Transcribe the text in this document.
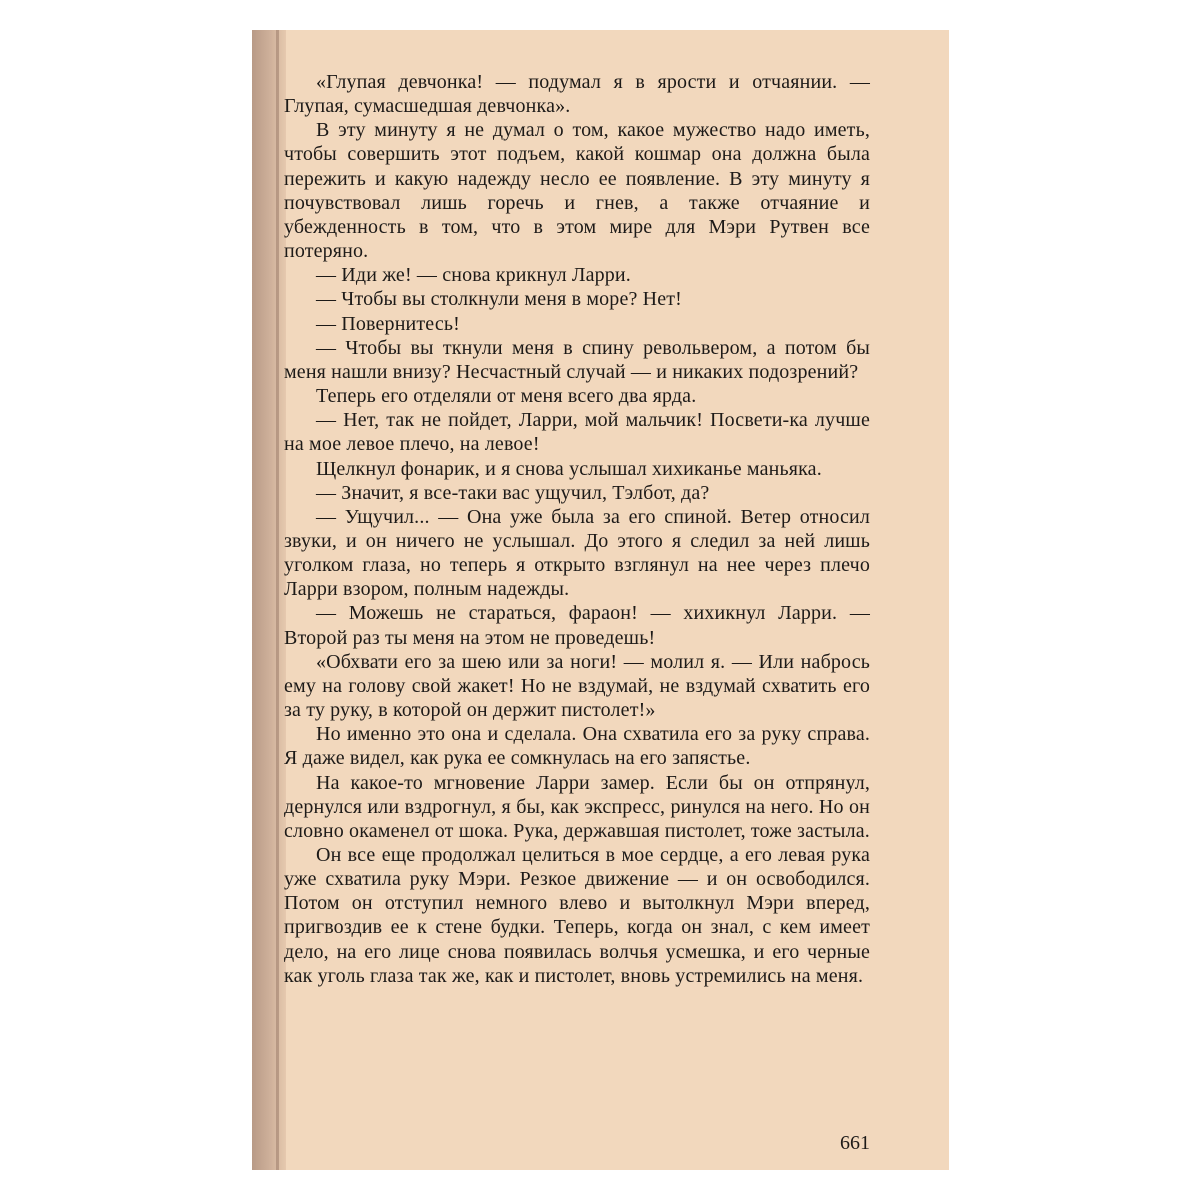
«Глупая девчонка! — подумал я в ярости и отчаянии. — Глупая, сумасшедшая девчонка».

В эту минуту я не думал о том, какое мужество надо иметь, чтобы совершить этот подъем, какой кошмар она должна была пережить и какую надежду несло ее появление. В эту минуту я почувствовал лишь горечь и гнев, а также отчаяние и убежденность в том, что в этом мире для Мэри Рутвен все потеряно.

— Иди же! — снова крикнул Ларри.

— Чтобы вы столкнули меня в море? Нет!

— Повернитесь!

— Чтобы вы ткнули меня в спину револьвером, а потом бы меня нашли внизу? Несчастный случай — и никаких подозрений?

Теперь его отделяли от меня всего два ярда.

— Нет, так не пойдет, Ларри, мой мальчик! Посвети-ка лучше на мое левое плечо, на левое!

Щелкнул фонарик, и я снова услышал хихиканье маньяка.

— Значит, я все-таки вас ущучил, Тэлбот, да?

— Ущучил... — Она уже была за его спиной. Ветер относил звуки, и он ничего не услышал. До этого я следил за ней лишь уголком глаза, но теперь я открыто взглянул на нее через плечо Ларри взором, полным надежды.

— Можешь не стараться, фараон! — хихикнул Ларри. — Второй раз ты меня на этом не проведешь!

«Обхвати его за шею или за ноги! — молил я. — Или набрось ему на голову свой жакет! Но не вздумай, не вздумай схватить его за ту руку, в которой он держит пистолет!»

Но именно это она и сделала. Она схватила его за руку справа. Я даже видел, как рука ее сомкнулась на его запястье.

На какое-то мгновение Ларри замер. Если бы он отпрянул, дернулся или вздрогнул, я бы, как экспресс, ринулся на него. Но он словно окаменел от шока. Рука, державшая пистолет, тоже застыла.

Он все еще продолжал целиться в мое сердце, а его левая рука уже схватила руку Мэри. Резкое движение — и он освободился. Потом он отступил немного влево и вытолкнул Мэри вперед, пригвоздив ее к стене будки. Теперь, когда он знал, с кем имеет дело, на его лице снова появилась волчья усмешка, и его черные как уголь глаза так же, как и пистолет, вновь устремились на меня.

661
